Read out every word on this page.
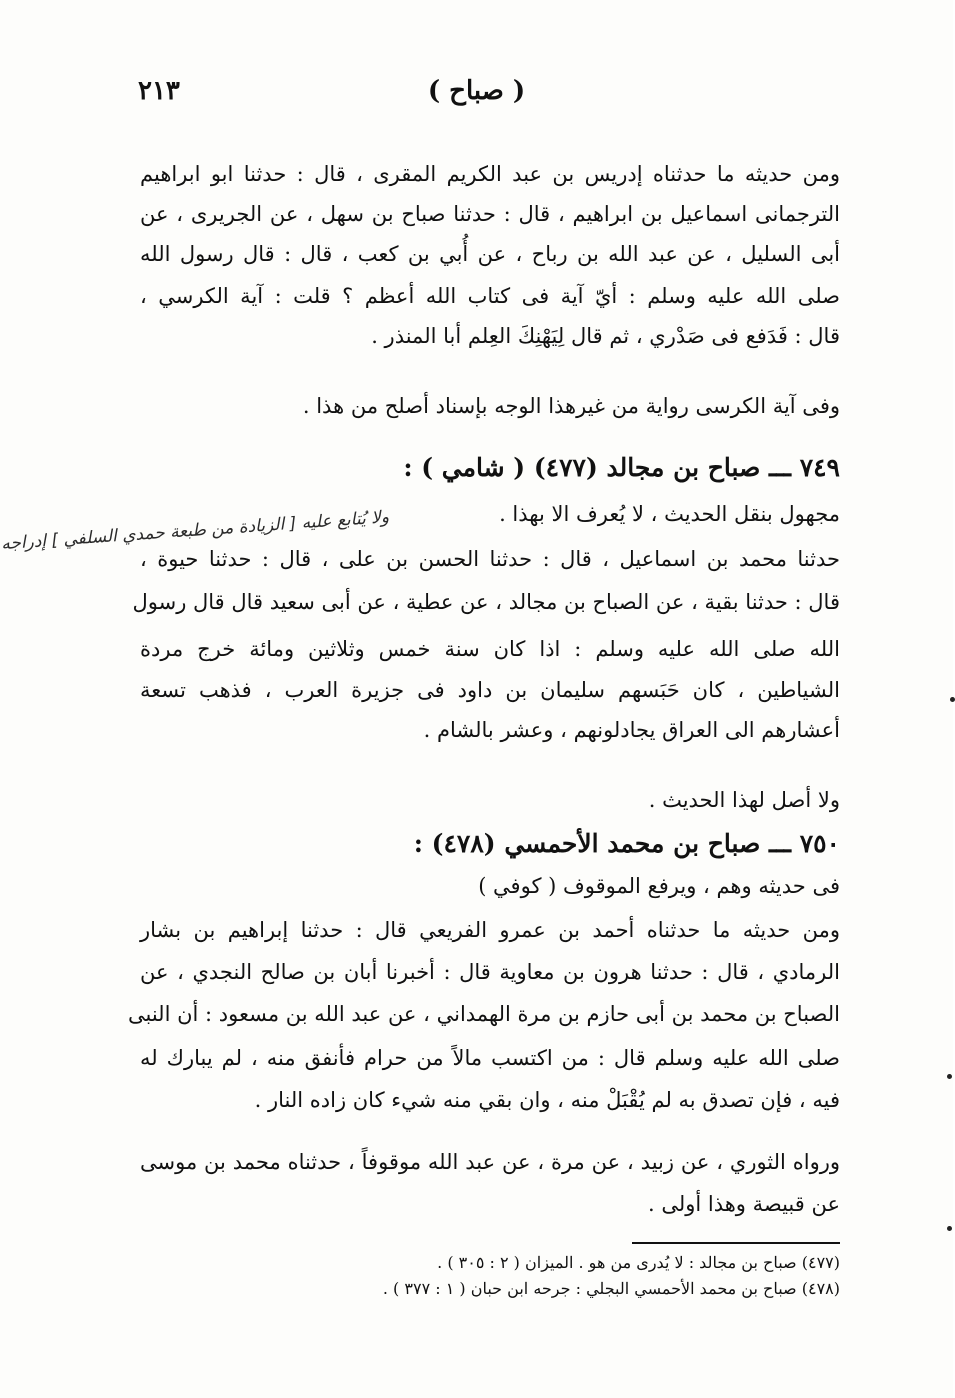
٢١٣	( صباح )
ومن حديثه ما حدثناه إدريس بن عبد الكريم المقرى ، قال : حدثنا ابو ابراهيم
الترجمانى اسماعيل بن ابراهيم ، قال : حدثنا صباح بن سهل ، عن الجريرى ، عن
أبى السليل ، عن عبد الله بن رباح ، عن أُبي بن كعب ، قال : قال رسول الله
صلى الله عليه وسلم : أيّ آية فى كتاب الله أعظم ؟ قلت : آية الكرسي ،
قال : فَدَفع فى صَدْري ، ثم قال لِيَهْنِكَ العِلم أبا المنذر .
وفى آية الكرسى رواية من غيرهذا الوجه بإسناد أصلح من هذا .
٧٤٩ ـــ صباح بن مجالد (٤٧٧) ( شامي ) :
مجهول بنقل الحديث ، لا يُعرف الا بهذا .
ولا يُتابع عليه [ الزيادة من طبعة حمدي السلفي ] إدراجه
حدثنا محمد بن اسماعيل ، قال : حدثنا الحسن بن على ، قال : حدثنا حيوة ،
قال : حدثنا بقية ، عن الصباح بن مجالد ، عن عطية ، عن أبى سعيد قال قال رسول
الله صلى الله عليه وسلم : اذا كان سنة خمس وثلاثين ومائة خرج مردة
الشياطين ، كان حَبَسهم سليمان بن داود فى جزيرة العرب ، فذهب تسعة
أعشارهم الى العراق يجادلونهم ، وعشر بالشام .
ولا أصل لهذا الحديث .
٧٥٠ ـــ صباح بن محمد الأحمسي (٤٧٨) :
فى حديثه وهم ، ويرفع الموقوف ( كوفي )
ومن حديثه ما حدثناه أحمد بن عمرو الفريعي قال : حدثنا إبراهيم بن بشار
الرمادي ، قال : حدثنا هرون بن معاوية قال : أخبرنا أبان بن صالح النجدي ، عن
الصباح بن محمد بن أبى حازم بن مرة الهمداني ، عن عبد الله بن مسعود : أن النبى
صلى الله عليه وسلم قال : من اكتسب مالاً من حرام فأنفق منه ، لم يبارك له
فيه ، فإن تصدق به لم يُقْبَلْ منه ، وان بقي منه شيء كان زاده النار .
ورواه الثوري ، عن زبيد ، عن مرة ، عن عبد الله موقوفاً ، حدثناه محمد بن موسى
عن قبيصة وهذا أولى .
(٤٧٧) صباح بن مجالد : لا يُدرى من هو . الميزان ( ٢ : ٣٠٥ ) .
(٤٧٨) صباح بن محمد الأحمسي البجلي : جرحه ابن حبان ( ١ : ٣٧٧ ) .
